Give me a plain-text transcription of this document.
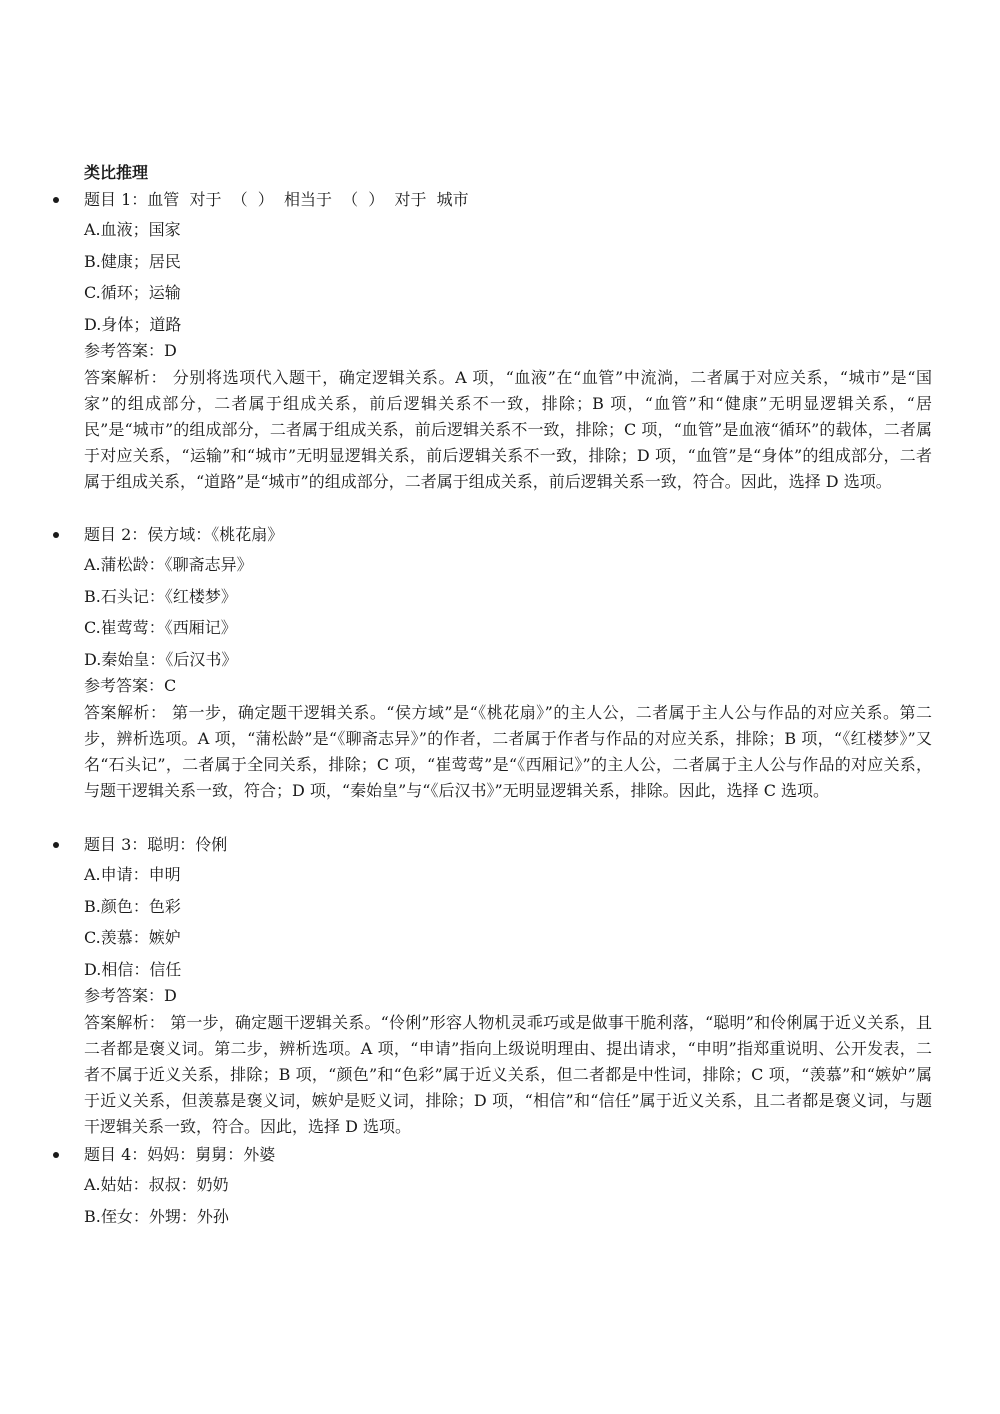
类比推理
题目 1：血管  对于  （  ）  相当于  （  ）  对于  城市
A.血液；国家
B.健康；居民
C.循环；运输
D.身体；道路
参考答案：D
答案解析： 分别将选项代入题干，确定逻辑关系。A 项，“血液”在“血管”中流淌，二者属于对应关系，“城市”是“国家”的组成部分，二者属于组成关系，前后逻辑关系不一致，排除；B 项，“血管”和“健康”无明显逻辑关系，“居民”是“城市”的组成部分，二者属于组成关系，前后逻辑关系不一致，排除；C 项，“血管”是血液“循环”的载体，二者属于对应关系，“运输”和“城市”无明显逻辑关系，前后逻辑关系不一致，排除；D 项，“血管”是“身体”的组成部分，二者属于组成关系，“道路”是“城市”的组成部分，二者属于组成关系，前后逻辑关系一致，符合。因此，选择 D 选项。
题目 2：侯方域：《桃花扇》
A.蒲松龄：《聊斋志异》
B.石头记：《红楼梦》
C.崔莺莺：《西厢记》
D.秦始皇：《后汉书》
参考答案：C
答案解析： 第一步，确定题干逻辑关系。“侯方域”是“《桃花扇》”的主人公，二者属于主人公与作品的对应关系。第二步，辨析选项。A 项，“蒲松龄”是“《聊斋志异》”的作者，二者属于作者与作品的对应关系，排除；B 项，“《红楼梦》”又名“石头记”，二者属于全同关系，排除；C 项，“崔莺莺”是“《西厢记》”的主人公，二者属于主人公与作品的对应关系，与题干逻辑关系一致，符合；D 项，“秦始皇”与“《后汉书》”无明显逻辑关系，排除。因此，选择 C 选项。
题目 3：聪明：伶俐
A.申请：申明
B.颜色：色彩
C.羡慕：嫉妒
D.相信：信任
参考答案：D
答案解析： 第一步，确定题干逻辑关系。“伶俐”形容人物机灵乖巧或是做事干脆利落，“聪明”和伶俐属于近义关系，且二者都是褒义词。第二步，辨析选项。A 项，“申请”指向上级说明理由、提出请求，“申明”指郑重说明、公开发表，二者不属于近义关系，排除；B 项，“颜色”和“色彩”属于近义关系，但二者都是中性词，排除；C 项，“羡慕”和“嫉妒”属于近义关系，但羡慕是褒义词，嫉妒是贬义词，排除；D 项，“相信”和“信任”属于近义关系，且二者都是褒义词，与题干逻辑关系一致，符合。因此，选择 D 选项。
题目 4：妈妈：舅舅：外婆
A.姑姑：叔叔：奶奶
B.侄女：外甥：外孙
